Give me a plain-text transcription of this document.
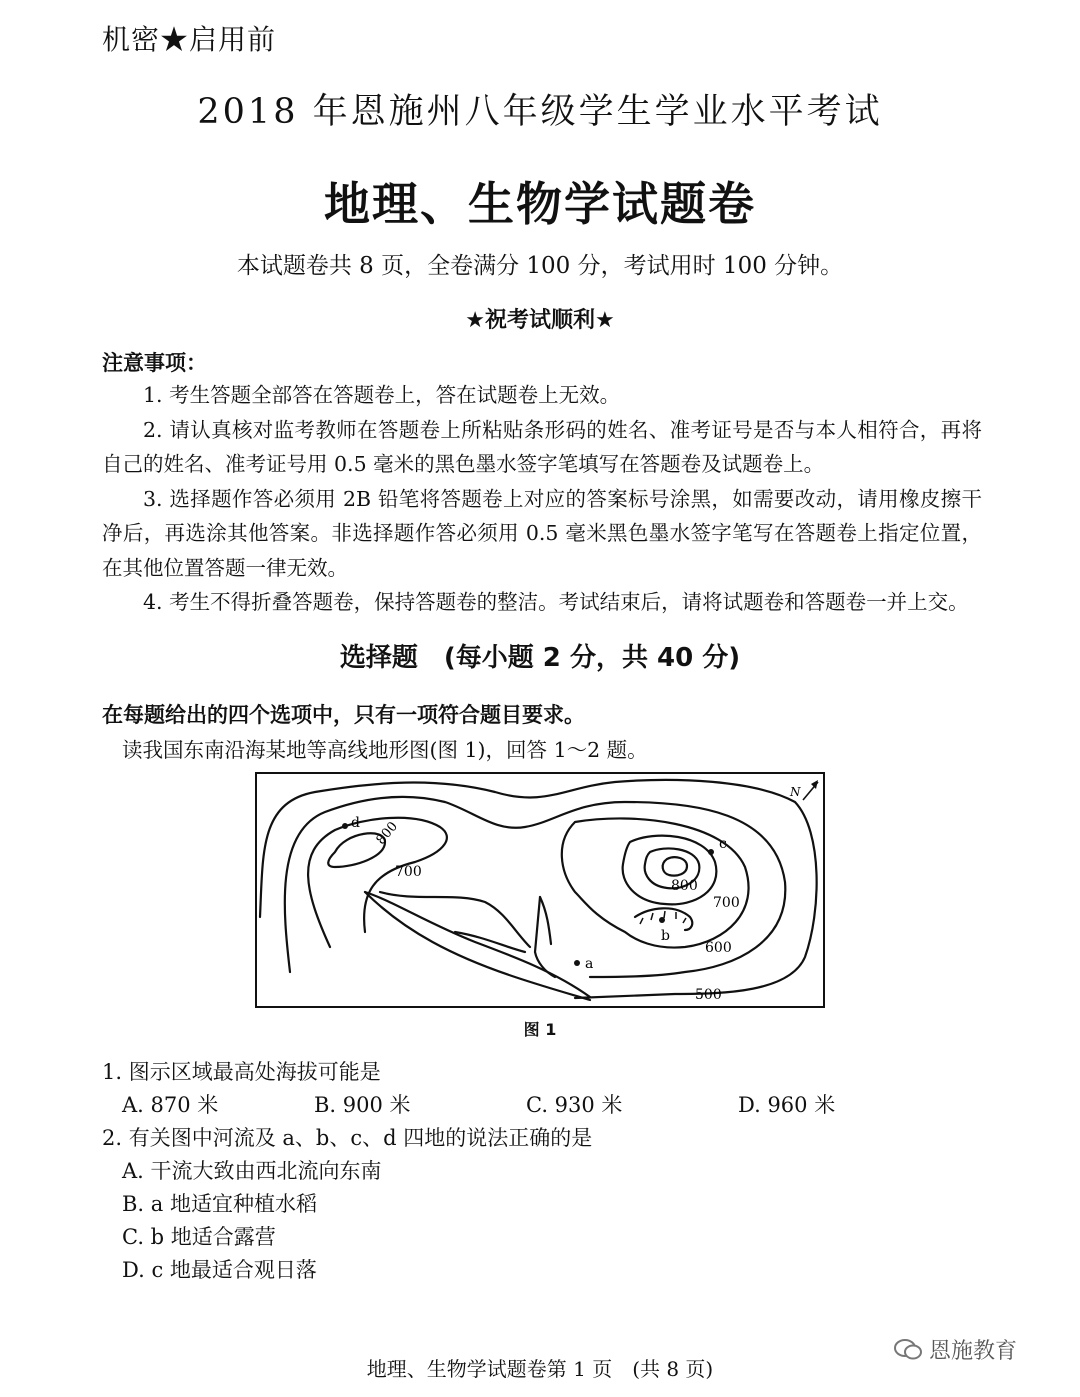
机密★启用前
2018 年恩施州八年级学生学业水平考试
地理、生物学试题卷
本试题卷共 8 页，全卷满分 100 分，考试用时 100 分钟。
★祝考试顺利★
注意事项：

1. 考生答题全部答在答题卷上，答在试题卷上无效。

2. 请认真核对监考教师在答题卷上所粘贴条形码的姓名、准考证号是否与本人相符合，再将自己的姓名、准考证号用 0.5 毫米的黑色墨水签字笔填写在答题卷及试题卷上。

3. 选择题作答必须用 2B 铅笔将答题卷上对应的答案标号涂黑，如需要改动，请用橡皮擦干净后，再选涂其他答案。非选择题作答必须用 0.5 毫米黑色墨水签字笔写在答题卷上指定位置，在其他位置答题一律无效。

4. 考生不得折叠答题卷，保持答题卷的整洁。考试结束后，请将试题卷和答题卷一并上交。

选择题　(每小题 2 分，共 40 分)
在每题给出的四个选项中，只有一项符合题目要求。
读我国东南沿海某地等高线地形图(图 1)，回答 1～2 题。
d
c
b
a
800
700
800
700
600
500
N
图 1
1. 图示区域最高处海拔可能是
A. 870 米	B. 900 米	C. 930 米	D. 960 米
2. 有关图中河流及 a、b、c、d 四地的说法正确的是
A. 干流大致由西北流向东南
B. a 地适宜种植水稻
C. b 地适合露营
D. c 地最适合观日落
恩施教育
地理、生物学试题卷第 1 页　(共 8 页)
